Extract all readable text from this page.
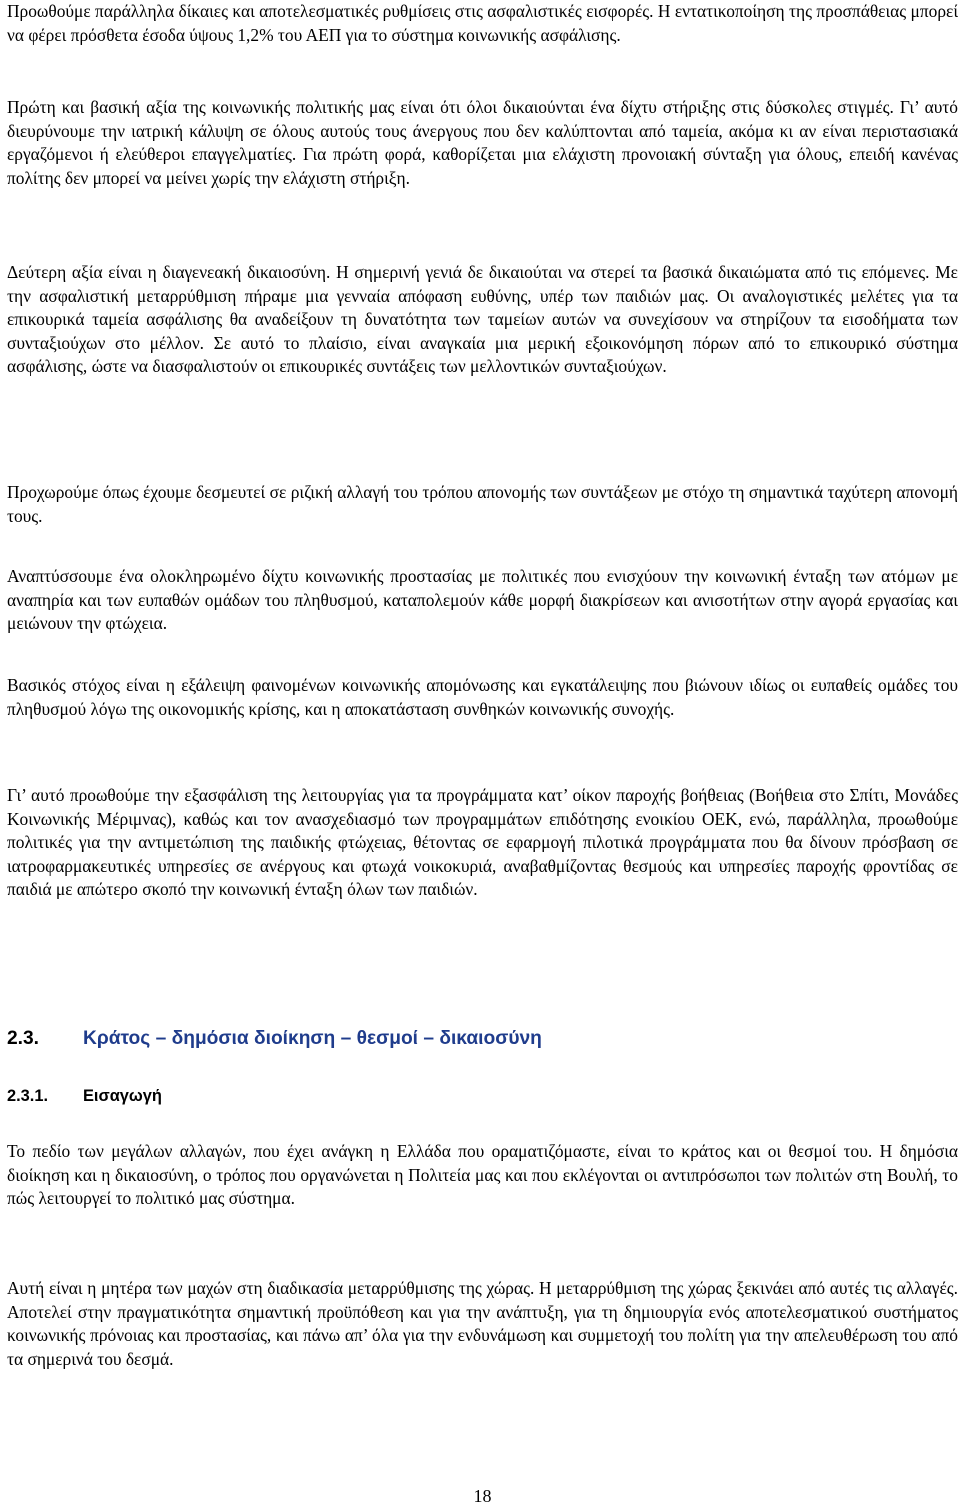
Προωθούμε παράλληλα δίκαιες και αποτελεσματικές ρυθμίσεις στις ασφαλιστικές εισφορές. Η εντατικοποίηση της προσπάθειας μπορεί να φέρει πρόσθετα έσοδα ύψους 1,2% του ΑΕΠ για το σύστημα κοινωνικής ασφάλισης.

Πρώτη και βασική αξία της κοινωνικής πολιτικής μας είναι ότι όλοι δικαιούνται ένα δίχτυ στήριξης στις δύσκολες στιγμές. Γι’ αυτό διευρύνουμε την ιατρική κάλυψη σε όλους αυτούς τους άνεργους που δεν καλύπτονται από ταμεία, ακόμα κι αν είναι περιστασιακά εργαζόμενοι ή ελεύθεροι επαγγελματίες. Για πρώτη φορά, καθορίζεται μια ελάχιστη προνοιακή σύνταξη για όλους, επειδή κανένας πολίτης δεν μπορεί να μείνει χωρίς την ελάχιστη στήριξη.

Δεύτερη αξία είναι η διαγενεακή δικαιοσύνη. Η σημερινή γενιά δε δικαιούται να στερεί τα βασικά δικαιώματα από τις επόμενες. Με την ασφαλιστική μεταρρύθμιση πήραμε μια γενναία απόφαση ευθύνης, υπέρ των παιδιών μας. Οι αναλογιστικές μελέτες για τα επικουρικά ταμεία ασφάλισης θα αναδείξουν τη δυνατότητα των ταμείων αυτών να συνεχίσουν να στηρίζουν τα εισοδήματα των συνταξιούχων στο μέλλον. Σε αυτό το πλαίσιο, είναι αναγκαία μια μερική εξοικονόμηση πόρων από το επικουρικό σύστημα ασφάλισης, ώστε να διασφαλιστούν οι επικουρικές συντάξεις των μελλοντικών συνταξιούχων.

Προχωρούμε όπως έχουμε δεσμευτεί σε ριζική αλλαγή του τρόπου απονομής των συντάξεων με στόχο τη σημαντικά ταχύτερη απονομή τους.

Αναπτύσσουμε ένα ολοκληρωμένο δίχτυ κοινωνικής προστασίας με πολιτικές που ενισχύουν την κοινωνική ένταξη των ατόμων με αναπηρία και των ευπαθών ομάδων του πληθυσμού, καταπολεμούν κάθε μορφή διακρίσεων και ανισοτήτων στην αγορά εργασίας και μειώνουν την φτώχεια.

Βασικός στόχος είναι η εξάλειψη φαινομένων κοινωνικής απομόνωσης και εγκατάλειψης που βιώνουν ιδίως οι ευπαθείς ομάδες του πληθυσμού λόγω της οικονομικής κρίσης, και η αποκατάσταση συνθηκών κοινωνικής συνοχής.

Γι’ αυτό προωθούμε την εξασφάλιση της λειτουργίας για τα προγράμματα κατ’ οίκον παροχής βοήθειας (Βοήθεια στο Σπίτι, Μονάδες Κοινωνικής Μέριμνας), καθώς και τον ανασχεδιασμό των προγραμμάτων επιδότησης ενοικίου ΟΕΚ, ενώ, παράλληλα, προωθούμε πολιτικές για την αντιμετώπιση της παιδικής φτώχειας, θέτοντας σε εφαρμογή πιλοτικά προγράμματα που θα δίνουν πρόσβαση σε ιατροφαρμακευτικές υπηρεσίες σε ανέργους και φτωχά νοικοκυριά, αναβαθμίζοντας θεσμούς και υπηρεσίες παροχής φροντίδας σε παιδιά με απώτερο σκοπό την κοινωνική ένταξη όλων των παιδιών.

2.3. Κράτος – δημόσια διοίκηση – θεσμοί – δικαιοσύνη
2.3.1. Εισαγωγή

Το πεδίο των μεγάλων αλλαγών, που έχει ανάγκη η Ελλάδα που οραματιζόμαστε, είναι το κράτος και οι θεσμοί του. Η δημόσια διοίκηση και η δικαιοσύνη, ο τρόπος που οργανώνεται η Πολιτεία μας και που εκλέγονται οι αντιπρόσωποι των πολιτών στη Βουλή, το πώς λειτουργεί το πολιτικό μας σύστημα.

Αυτή είναι η μητέρα των μαχών στη διαδικασία μεταρρύθμισης της χώρας. Η μεταρρύθμιση της χώρας ξεκινάει από αυτές τις αλλαγές. Αποτελεί στην πραγματικότητα σημαντική προϋπόθεση και για την ανάπτυξη, για τη δημιουργία ενός αποτελεσματικού συστήματος κοινωνικής πρόνοιας και προστασίας, και πάνω απ’ όλα για την ενδυνάμωση και συμμετοχή του πολίτη για την απελευθέρωση του από τα σημερινά του δεσμά.

18
